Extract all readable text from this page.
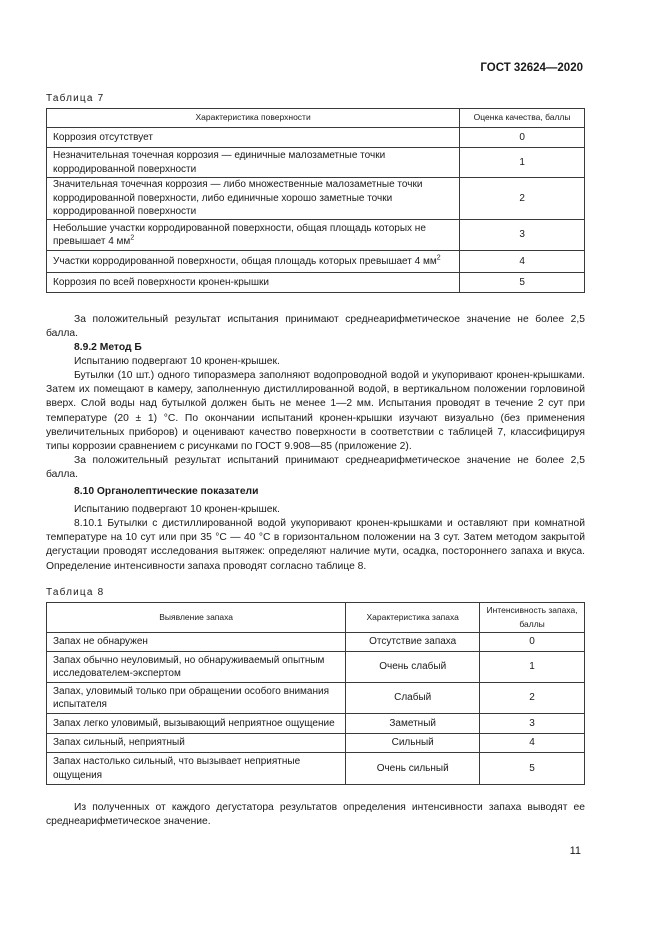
ГОСТ 32624—2020
Таблица 7
Характеристика поверхности	Оценка качества, баллы
Коррозия отсутствует	0
Незначительная точечная коррозия — единичные малозаметные точки корродированной поверхности	1
Значительная точечная коррозия — либо множественные малозаметные точки корродированной поверхности, либо единичные хорошо заметные точки корродированной поверхности	2
Небольшие участки корродированной поверхности, общая площадь которых не превышает 4 $мм^2$	3
Участки корродированной поверхности, общая площадь которых превышает 4 $мм^2$	4
Коррозия по всей поверхности кронен-крышки	5
За положительный результат испытания принимают среднеарифметическое значение не более 2,5 балла.
8.9.2 Метод Б
Испытанию подвергают 10 кронен-крышек.
Бутылки (10 шт.) одного типоразмера заполняют водопроводной водой и укупоривают кронен-крышками. Затем их помещают в камеру, заполненную дистиллированной водой, в вертикальном положении горловиной вверх. Слой воды над бутылкой должен быть не менее 1—2 мм. Испытания проводят в течение 2 сут при температуре (20 ± 1) °С. По окончании испытаний кронен-крышки изучают визуально (без применения увеличительных приборов) и оценивают качество поверхности в соответствии с таблицей 7, классифицируя типы коррозии сравнением с рисунками по ГОСТ 9.908—85 (приложение 2).
За положительный результат испытаний принимают среднеарифметическое значение не более 2,5 балла.
8.10 Органолептические показатели
Испытанию подвергают 10 кронен-крышек.
8.10.1 Бутылки с дистиллированной водой укупоривают кронен-крышками и оставляют при комнатной температуре на 10 сут или при 35 °С — 40 °С в горизонтальном положении на 3 сут. Затем методом закрытой дегустации проводят исследования вытяжек: определяют наличие мути, осадка, постороннего запаха и вкуса. Определение интенсивности запаха проводят согласно таблице 8.
Таблица 8
Выявление запаха	Характеристика запаха	Интенсивность запаха, баллы
Запах не обнаружен	Отсутствие запаха	0
Запах обычно неуловимый, но обнаруживаемый опытным исследователем-экспертом	Очень слабый	1
Запах, уловимый только при обращении особого внимания испытателя	Слабый	2
Запах легко уловимый, вызывающий неприятное ощущение	Заметный	3
Запах сильный, неприятный	Сильный	4
Запах настолько сильный, что вызывает неприятные ощущения	Очень сильный	5
Из полученных от каждого дегустатора результатов определения интенсивности запаха выводят ее среднеарифметическое значение.
11
